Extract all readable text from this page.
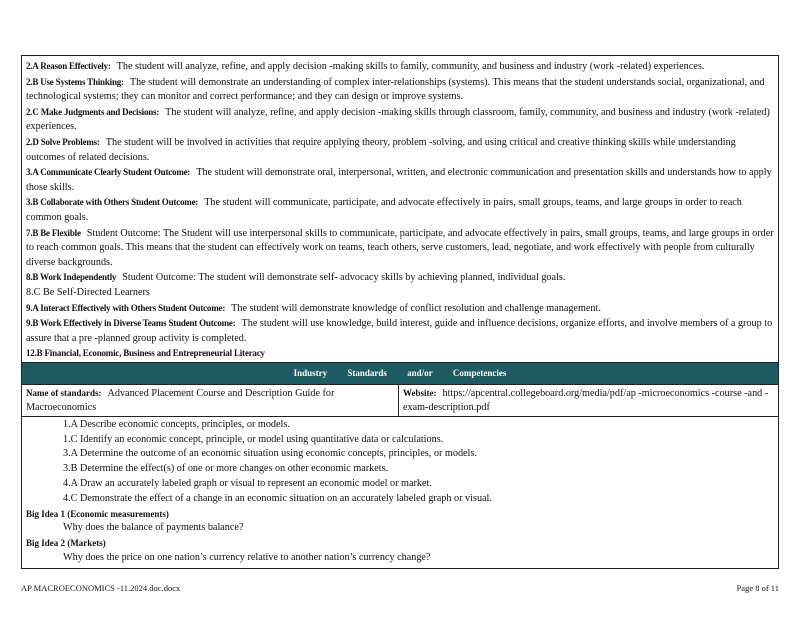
2.A Reason Effectively: The student will analyze, refine, and apply decision -making skills to family, community, and business and industry (work -related) experiences.

2.B Use Systems Thinking: The student will demonstrate an understanding of complex inter-relationships (systems). This means that the student understands social, organizational, and technological systems; they can monitor and correct performance; and they can design or improve systems.

2.C Make Judgments and Decisions: The student will analyze, refine, and apply decision -making skills through classroom, family, community, and business and industry (work -related) experiences.

2.D Solve Problems: The student will be involved in activities that require applying theory, problem -solving, and using critical and creative thinking skills while understanding outcomes of related decisions.

3.A Communicate Clearly Student Outcome: The student will demonstrate oral, interpersonal, written, and electronic communication and presentation skills and understands how to apply those skills.

3.B Collaborate with Others Student Outcome: The student will communicate, participate, and advocate effectively in pairs, small groups, teams, and large groups in order to reach common goals.

7.B Be Flexible Student Outcome: The Student will use interpersonal skills to communicate, participate, and advocate effectively in pairs, small groups, teams, and large groups in order to reach common goals. This means that the student can effectively work on teams, teach others, serve customers, lead, negotiate, and work effectively with people from culturally diverse backgrounds.

8.B Work Independently Student Outcome: The student will demonstrate self- advocacy skills by achieving planned, individual goals.

8.C Be Self-Directed Learners

9.A Interact Effectively with Others Student Outcome: The student will demonstrate knowledge of conflict resolution and challenge management.

9.B Work Effectively in Diverse Teams Student Outcome: The student will use knowledge, build interest, guide and influence decisions, organize efforts, and involve members of a group to assure that a pre -planned group activity is completed.

12.B Financial, Economic, Business and Entrepreneurial Literacy

Industry Standards and/or Competencies
Name of standards: Advanced Placement Course and Description Guide for Macroeconomics
Website: https://apcentral.collegeboard.org/media/pdf/ap -microeconomics -course -and -exam-description.pdf
1.A Describe economic concepts, principles, or models.
1.C Identify an economic concept, principle, or model using quantitative data or calculations.
3.A Determine the outcome of an economic situation using economic concepts, principles, or models.
3.B Determine the effect(s) of one or more changes on other economic markets.
4.A Draw an accurately labeled graph or visual to represent an economic model or market.
4.C Demonstrate the effect of a change in an economic situation on an accurately labeled graph or visual.
Big Idea 1 (Economic measurements)
Why does the balance of payments balance?
Big Idea 2 (Markets)
Why does the price on one nation’s currency relative to another nation’s currency change?
AP MACROECONOMICS -11.2024.doc.docx	Page 8 of 11
